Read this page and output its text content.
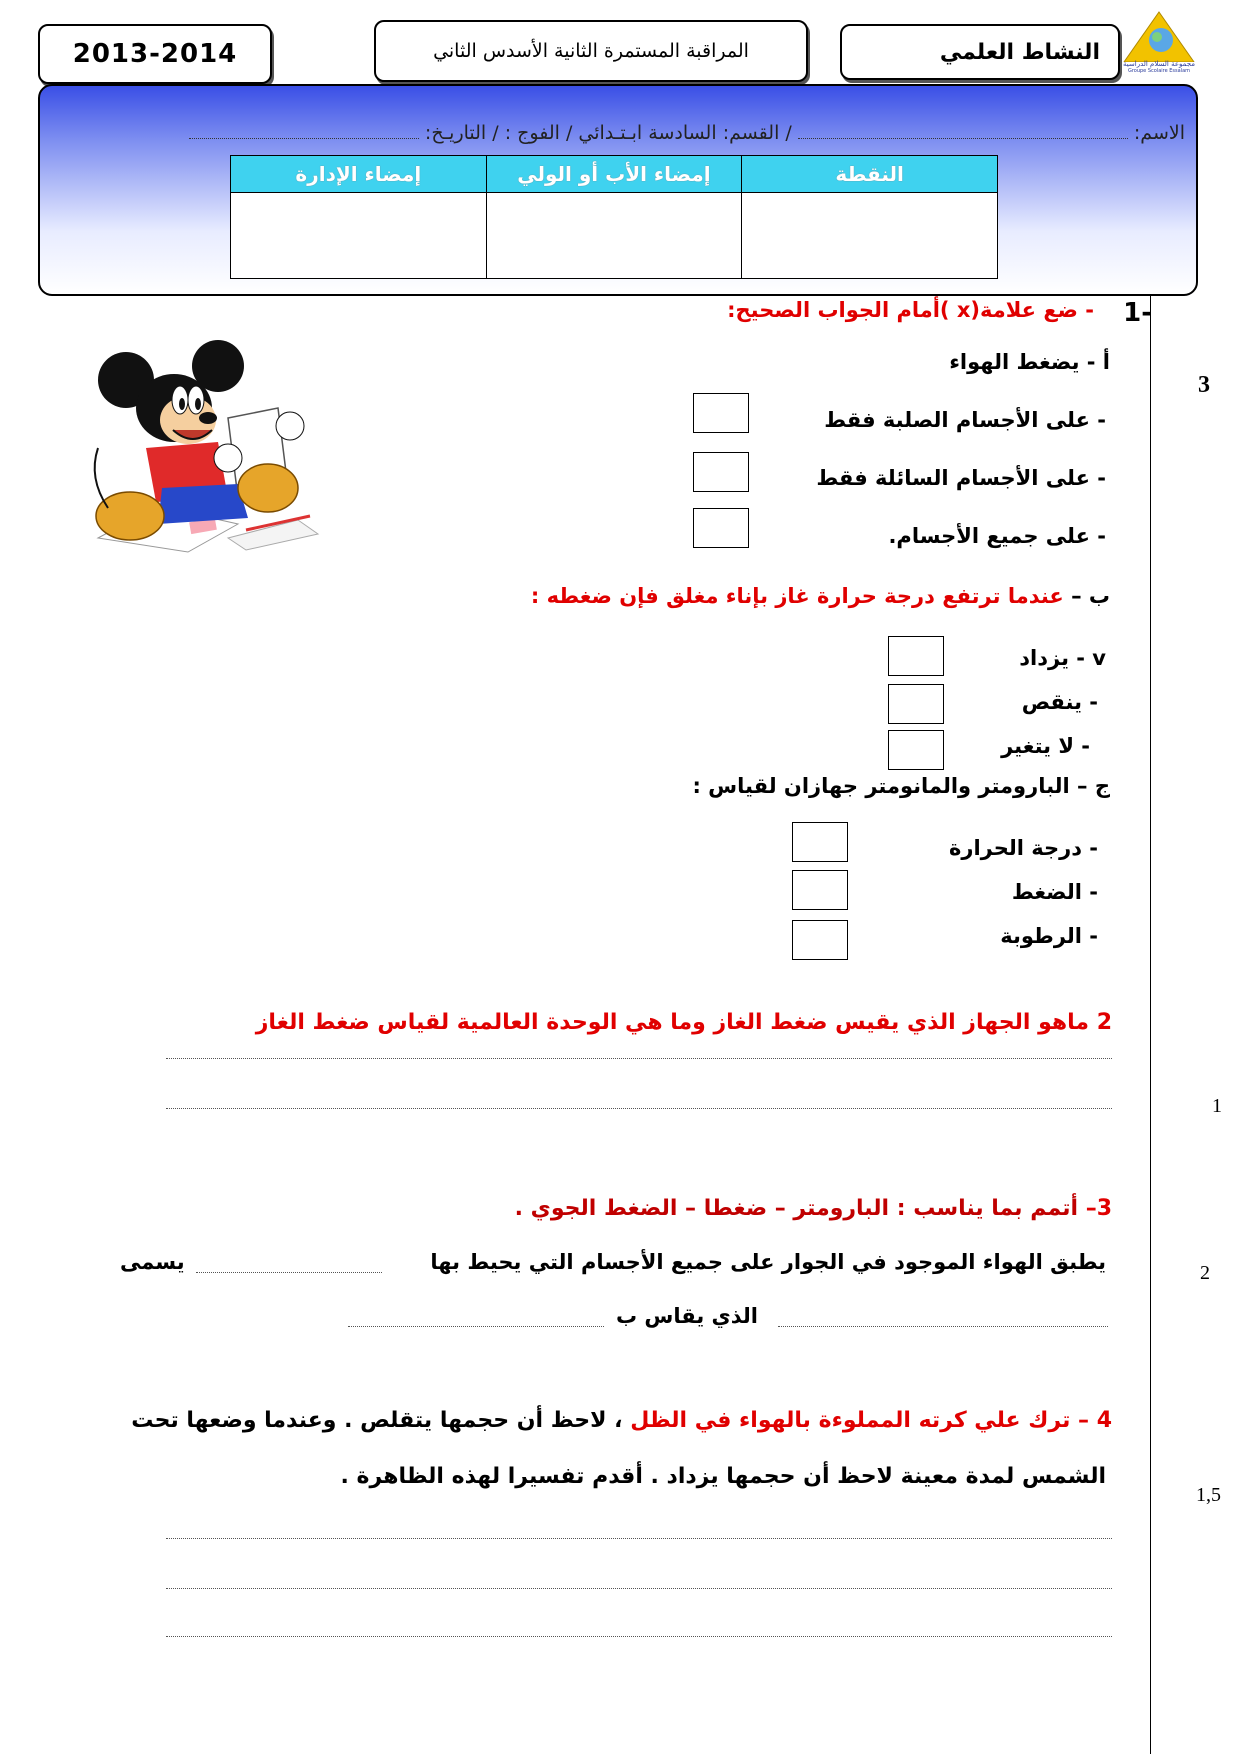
2013-2014	المراقبة المستمرة الثانية الأسدس الثاني	النشاط العلمي	مجموعة السلام الدراسية
Groupe Scolaire Essalam
الاسم:  / القسم: السادسة ابـتـدائي / الفوج : / التاريـخ:
النقطة	إمضاء الأب أو الولي	إمضاء الإدارة

-1
- ضع علامة(x )أمام الجواب الصحيح:
3
أ - يضغط الهواء
- على الأجسام الصلبة فقط
- على الأجسام السائلة فقط
- على جميع الأجسام.
ب – عندما ترتفع درجة حرارة غاز بإناء مغلق فإن ضغطه :
v - يزداد
- ينقص
- لا يتغير
ج – البارومتر والمانومتر جهازان لقياس :
- درجة الحرارة
- الضغط
- الرطوبة
2 ماهو الجهاز الذي يقيس ضغط الغاز وما هي الوحدة العالمية لقياس ضغط الغاز
1
3– أتمم بما يناسب : البارومتر – ضغطا – الضغط الجوي .
2
يطبق الهواء الموجود في الجوار على جميع الأجسام التي يحيط بها
يسمى
الذي يقاس ب
4 – ترك علي كرته المملوءة بالهواء في الظل ، لاحظ أن حجمها يتقلص . وعندما وضعها تحت
الشمس لمدة معينة لاحظ أن حجمها يزداد . أقدم تفسيرا لهذه الظاهرة .
1,5
